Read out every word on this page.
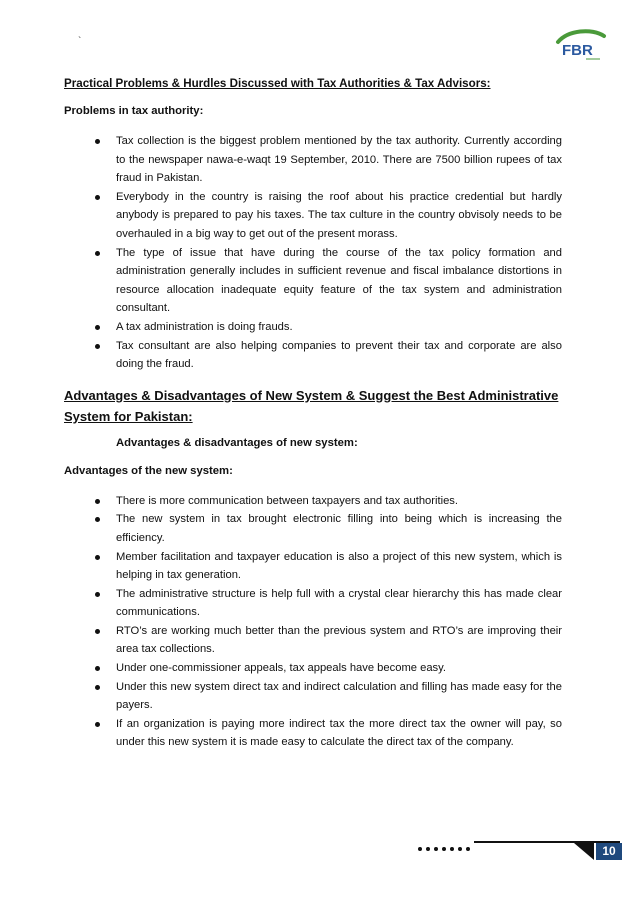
`
FBR
Practical Problems & Hurdles Discussed with Tax Authorities & Tax Advisors:
Problems in tax authority:
Tax collection is the biggest problem mentioned by the tax authority. Currently according to the newspaper nawa-e-waqt 19 September, 2010. There are 7500 billion rupees of tax fraud in Pakistan.
Everybody in the country is raising the roof about his practice credential but hardly anybody is prepared to pay his taxes. The tax culture in the country obvisoly needs to be overhauled in a big way to get out of the present morass.
The type of issue that have during the course of the tax policy formation and administration generally includes in sufficient revenue and fiscal imbalance distortions in resource allocation inadequate equity feature of the tax system and administration consultant.
A tax administration is doing frauds.
Tax consultant are also helping companies to prevent their tax and corporate are also doing the fraud.
Advantages & Disadvantages of New System & Suggest the Best Administrative System for Pakistan:
Advantages & disadvantages of new system:
Advantages of the new system:
There is more communication between taxpayers and tax authorities.
The new system in tax brought electronic filling into being which is increasing the efficiency.
Member facilitation and taxpayer education is also a project of this new system, which is helping in tax generation.
The administrative structure is help full with a crystal clear hierarchy this has made clear communications.
RTO’s are working much better than the previous system and RTO’s are improving their area tax collections.
Under one-commissioner appeals, tax appeals have become easy.
Under this new system direct tax and indirect calculation and filling has made easy for the payers.
If an organization is paying more indirect tax the more direct tax the owner will pay, so under this new system it is made easy to calculate the direct tax of the company.
10
